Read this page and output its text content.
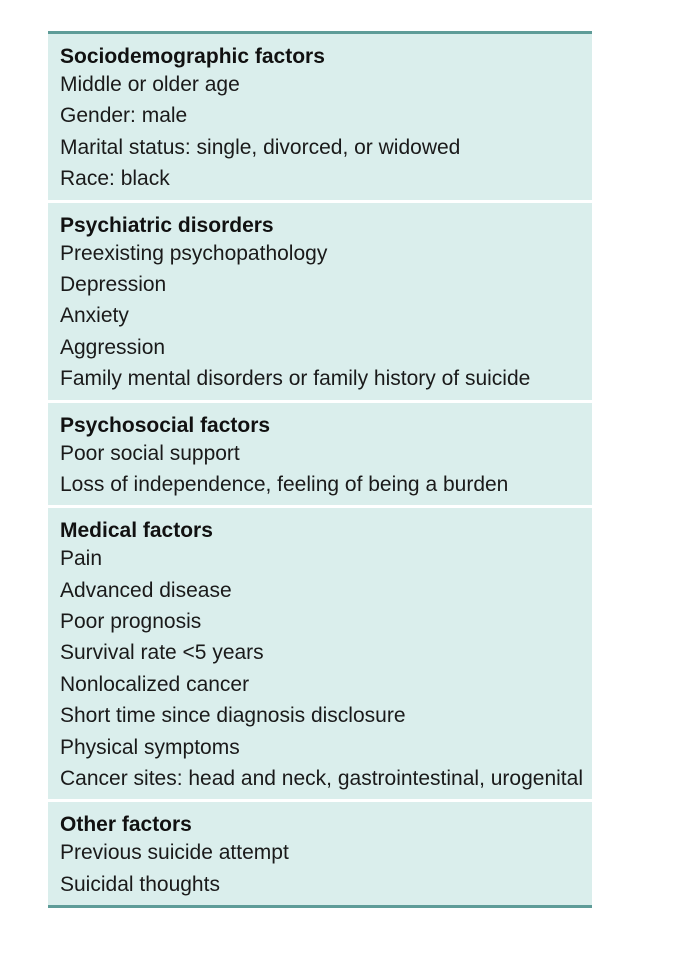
Sociodemographic factors
Middle or older age
Gender: male
Marital status: single, divorced, or widowed
Race: black
Psychiatric disorders
Preexisting psychopathology
Depression
Anxiety
Aggression
Family mental disorders or family history of suicide
Psychosocial factors
Poor social support
Loss of independence, feeling of being a burden
Medical factors
Pain
Advanced disease
Poor prognosis
Survival rate <5 years
Nonlocalized cancer
Short time since diagnosis disclosure
Physical symptoms
Cancer sites: head and neck, gastrointestinal, urogenital
Other factors
Previous suicide attempt
Suicidal thoughts
